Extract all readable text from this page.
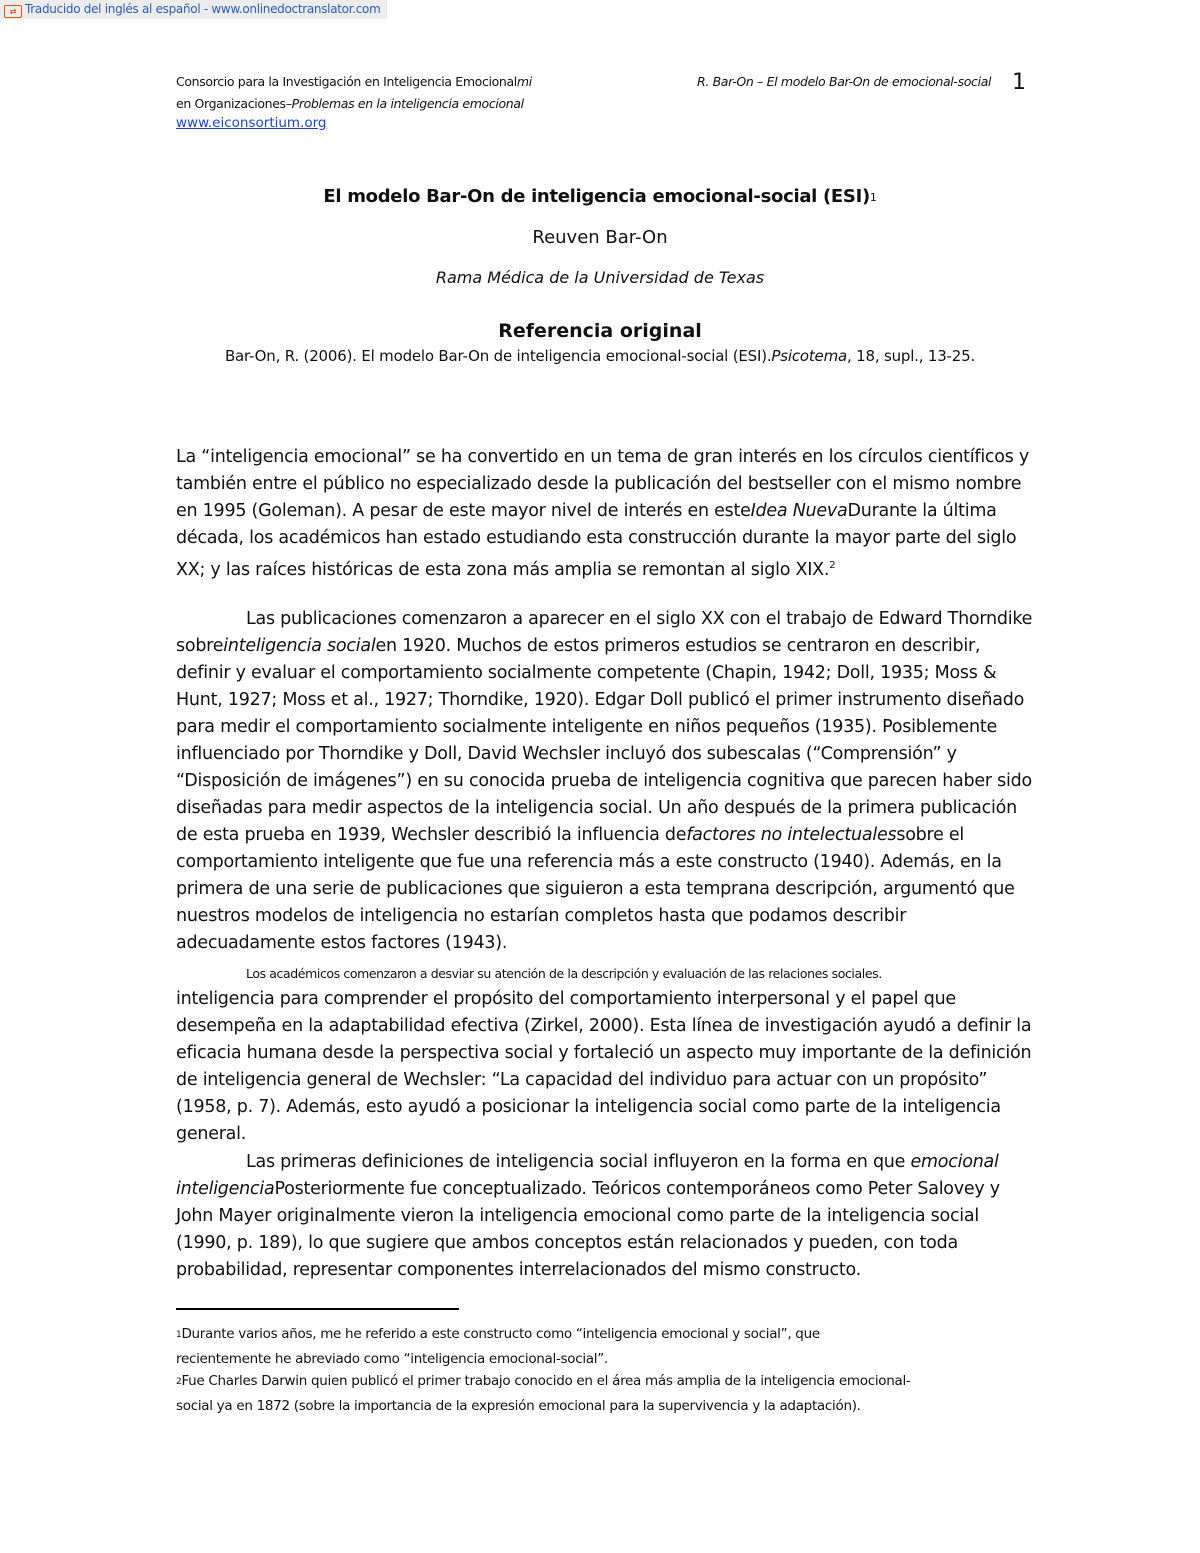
⇄ Traducido del inglés al español - www.onlinedoctranslator.com
Consorcio para la Investigación en Inteligencia Emocionalmi
en Organizaciones–Problemas en la inteligencia emocional
www.eiconsortium.org
R. Bar-On – El modelo Bar-On de emocional-social 1
El modelo Bar-On de inteligencia emocional-social (ESI)$^1$
Reuven Bar-On
Rama Médica de la Universidad de Texas
Referencia original
Bar-On, R. (2006). El modelo Bar-On de inteligencia emocional-social (ESI).Psicotema, 18, supl., 13-25.

La “inteligencia emocional” se ha convertido en un tema de gran interés en los círculos científicos y también entre el público no especializado desde la publicación del bestseller con el mismo nombre en 1995 (Goleman). A pesar de este mayor nivel de interés en esteIdea NuevaDurante la última década, los académicos han estado estudiando esta construcción durante la mayor parte del siglo XX; y las raíces históricas de esta zona más amplia se remontan al siglo XIX.$^2$

Las publicaciones comenzaron a aparecer en el siglo XX con el trabajo de Edward Thorndike sobreinteligencia socialen 1920. Muchos de estos primeros estudios se centraron en describir, definir y evaluar el comportamiento socialmente competente (Chapin, 1942; Doll, 1935; Moss & Hunt, 1927; Moss et al., 1927; Thorndike, 1920). Edgar Doll publicó el primer instrumento diseñado para medir el comportamiento socialmente inteligente en niños pequeños (1935). Posiblemente influenciado por Thorndike y Doll, David Wechsler incluyó dos subescalas (“Comprensión” y “Disposición de imágenes”) en su conocida prueba de inteligencia cognitiva que parecen haber sido diseñadas para medir aspectos de la inteligencia social. Un año después de la primera publicación de esta prueba en 1939, Wechsler describió la influencia defactores no intelectualessobre el comportamiento inteligente que fue una referencia más a este constructo (1940). Además, en la primera de una serie de publicaciones que siguieron a esta temprana descripción, argumentó que nuestros modelos de inteligencia no estarían completos hasta que podamos describir adecuadamente estos factores (1943).

Los académicos comenzaron a desviar su atención de la descripción y evaluación de las relaciones sociales.

inteligencia para comprender el propósito del comportamiento interpersonal y el papel que desempeña en la adaptabilidad efectiva (Zirkel, 2000). Esta línea de investigación ayudó a definir la eficacia humana desde la perspectiva social y fortaleció un aspecto muy importante de la definición de inteligencia general de Wechsler: “La capacidad del individuo para actuar con un propósito” (1958, p. 7). Además, esto ayudó a posicionar la inteligencia social como parte de la inteligencia general.

Las primeras definiciones de inteligencia social influyeron en la forma en que emocional inteligenciaPosteriormente fue conceptualizado. Teóricos contemporáneos como Peter Salovey y John Mayer originalmente vieron la inteligencia emocional como parte de la inteligencia social (1990, p. 189), lo que sugiere que ambos conceptos están relacionados y pueden, con toda probabilidad, representar componentes interrelacionados del mismo constructo.

$^1$Durante varios años, me he referido a este constructo como “inteligencia emocional y social”, que
recientemente he abreviado como “inteligencia emocional-social”.
$^2$Fue Charles Darwin quien publicó el primer trabajo conocido en el área más amplia de la inteligencia emocional-
social ya en 1872 (sobre la importancia de la expresión emocional para la supervivencia y la adaptación).
